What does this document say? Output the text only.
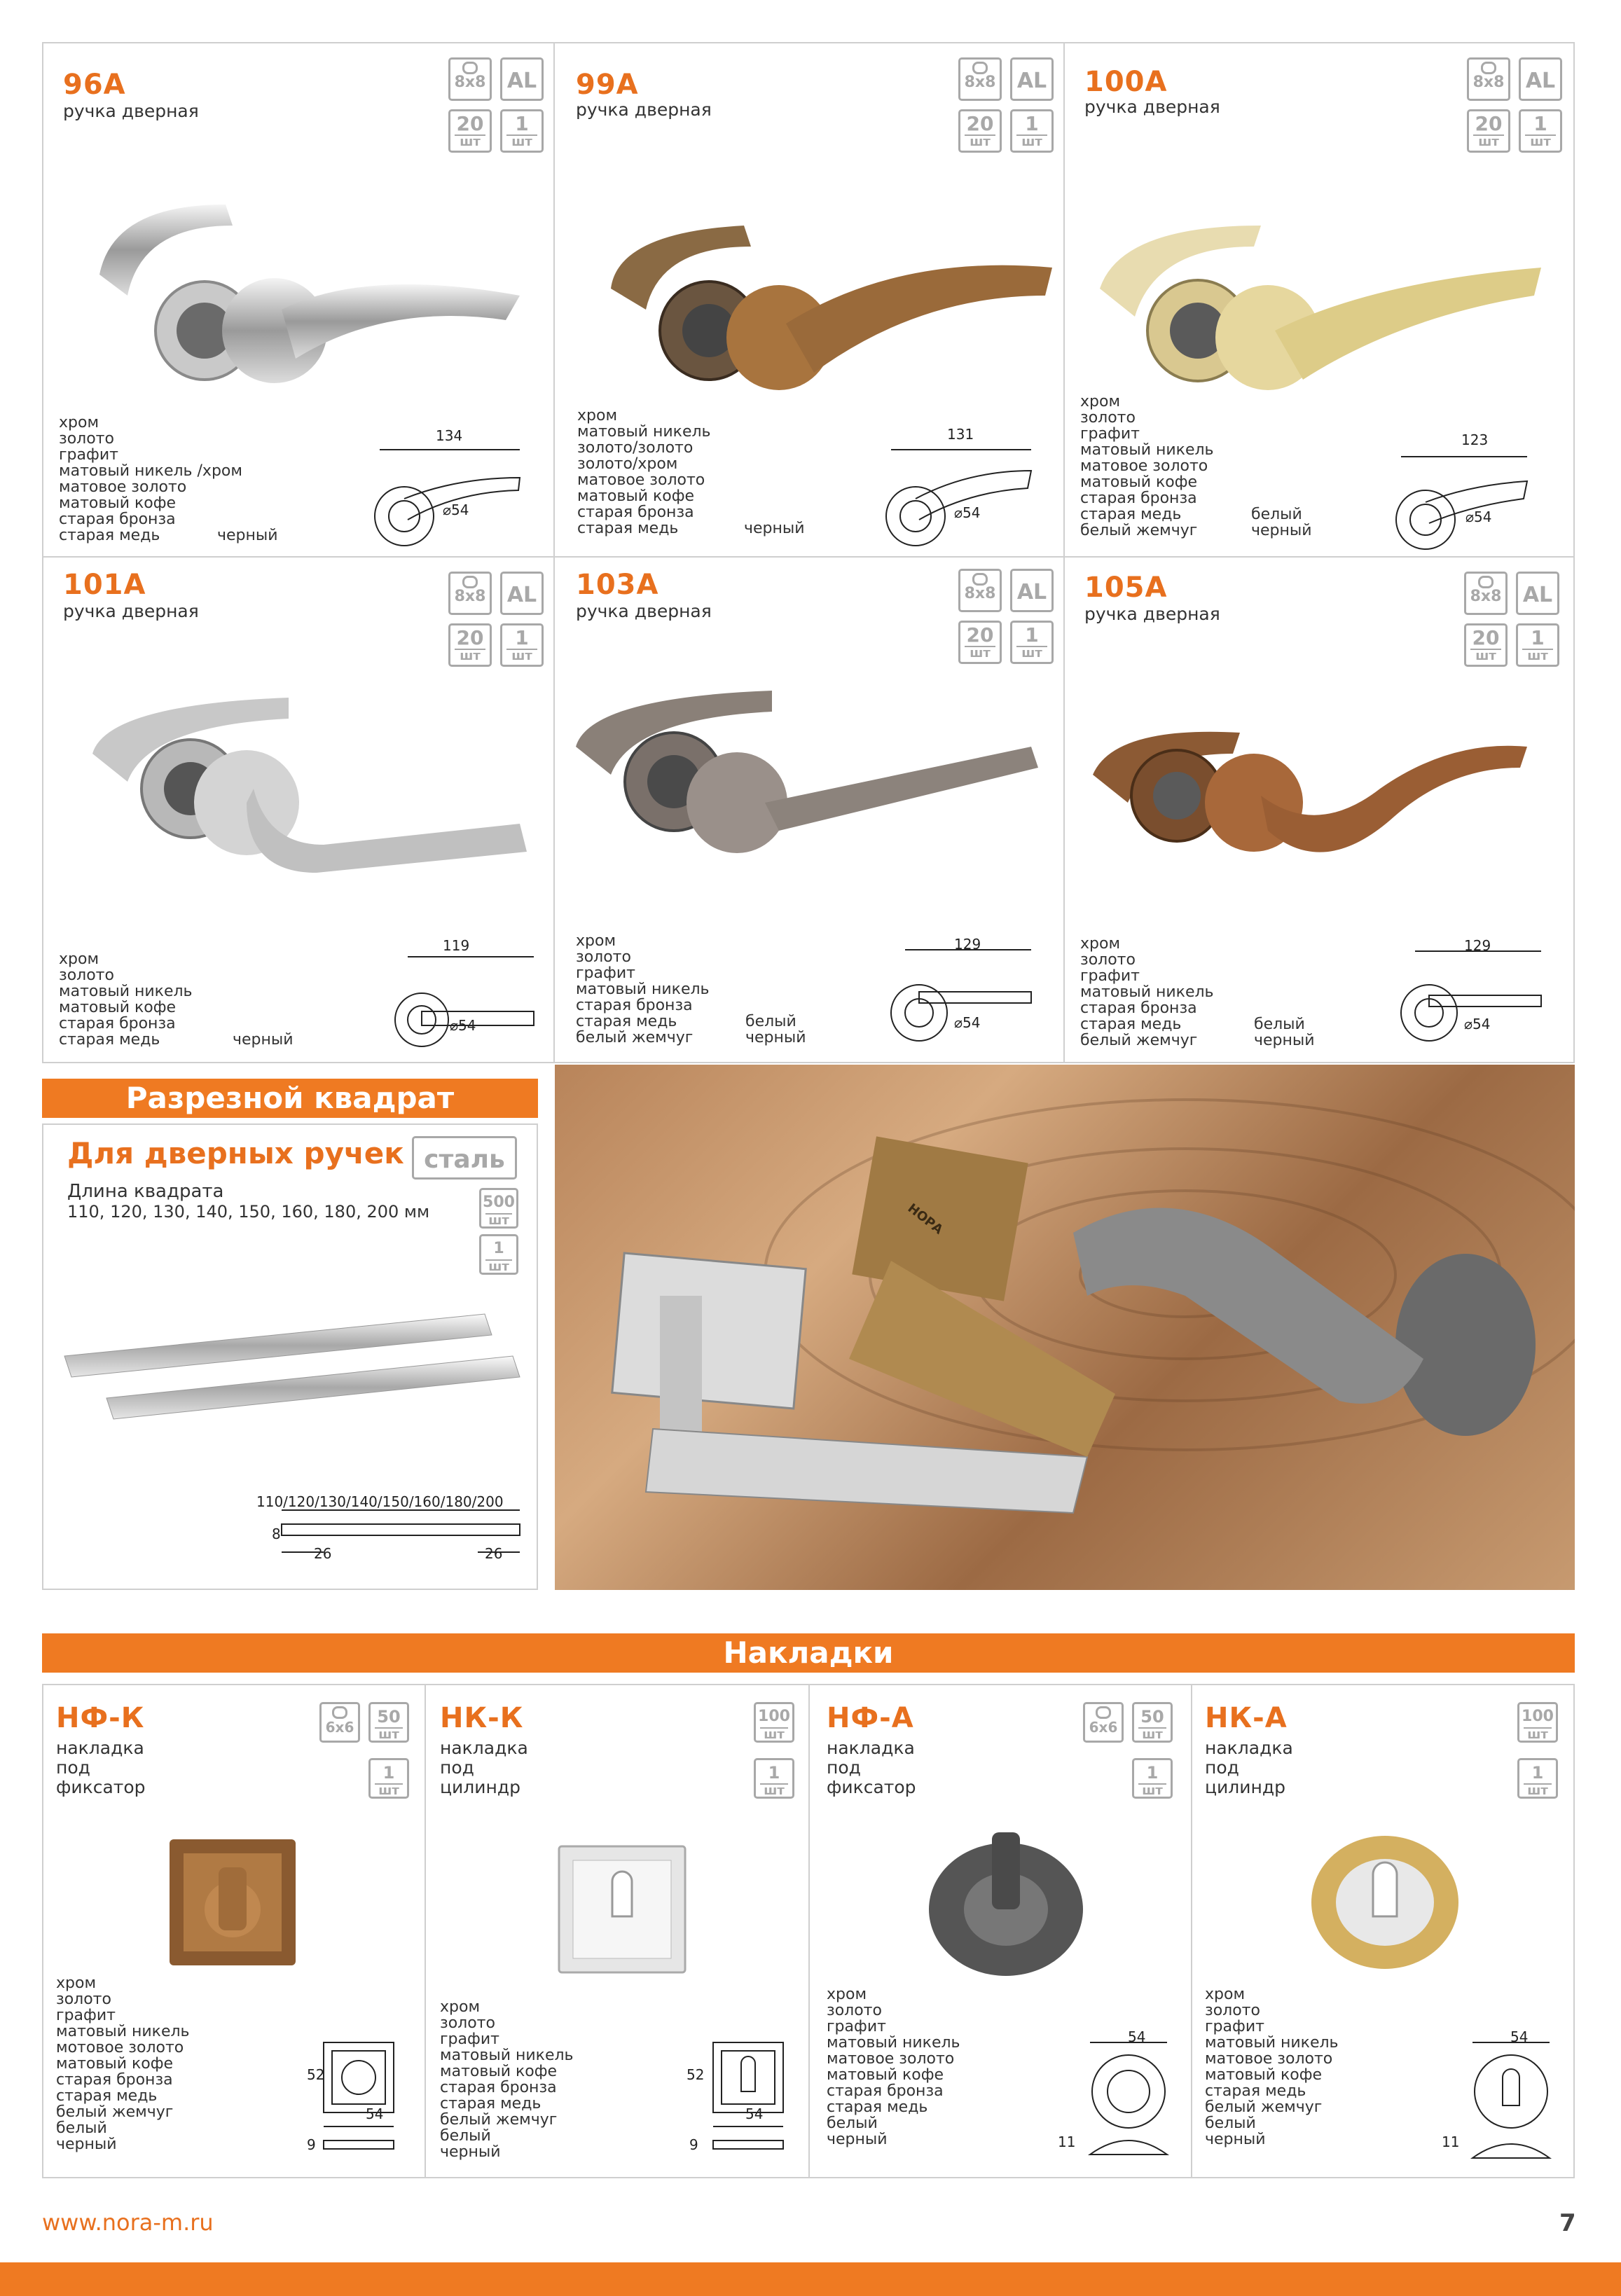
96A
ручка дверная
8x8 AL
20
шт
1
шт
хром
золото
графит
матовый никель /хром
матовое золото
матовый кофе
старая бронза
старая медь	черный
134
⌀54
99A
ручка дверная
8x8 AL
20
шт
1
шт
хром
матовый никель
золото/золото
золото/хром
матовое золото
матовый кофе
старая бронза
старая медь	черный
131
⌀54
100A
ручка дверная
8x8 AL
20
шт
1
шт
хром
золото
графит
матовый никель
матовое золото
матовый кофе
старая бронза
старая медь
белый жемчуг
белый
черный
123
⌀54
101A
ручка дверная
8x8 AL
20
шт
1
шт
хром
золото
матовый никель
матовый кофе
старая бронза
старая медь	черный
119
⌀54
103A
ручка дверная
8x8 AL
20
шт
1
шт
хром
золото
графит
матовый никель
старая бронза
старая медь
белый жемчуг
белый
черный
129
⌀54
105A
ручка дверная
8x8 AL
20
шт
1
шт
хром
золото
графит
матовый никель
старая бронза
старая медь
белый жемчуг
белый
черный
129
⌀54
Разрезной квадрат
Для дверных ручек сталь
Длина квадрата
110, 120, 130, 140, 150, 160, 180, 200 мм	500
шт
1
шт
110/120/130/140/150/160/180/200
8
26	26
НОРА
Накладки
НФ-К
накладка
под
фиксатор
6x6
50
шт
1
шт
хром
золото
графит
матовый никель
мотовое золото
матовый кофе
старая бронза
старая медь
белый жемчуг
белый
черный
52
54
9
НК-К
накладка
под
цилиндр
100
шт
1
шт
хром
золото
графит
матовый никель
матовый кофе
старая бронза
старая медь
белый жемчуг
белый
черный
52
54
9
НФ-А
накладка
под
фиксатор
6x6
50
шт
1
шт
хром
золото
графит
матовый никель
матовое золото
матовый кофе
старая бронза
старая медь
белый
черный
54
11
НК-А
накладка
под
цилиндр
100
шт
1
шт
хром
золото
графит
матовый никель
матовое золото
матовый кофе
старая медь
белый жемчуг
белый
черный
54
11
www.nora-m.ru	7
